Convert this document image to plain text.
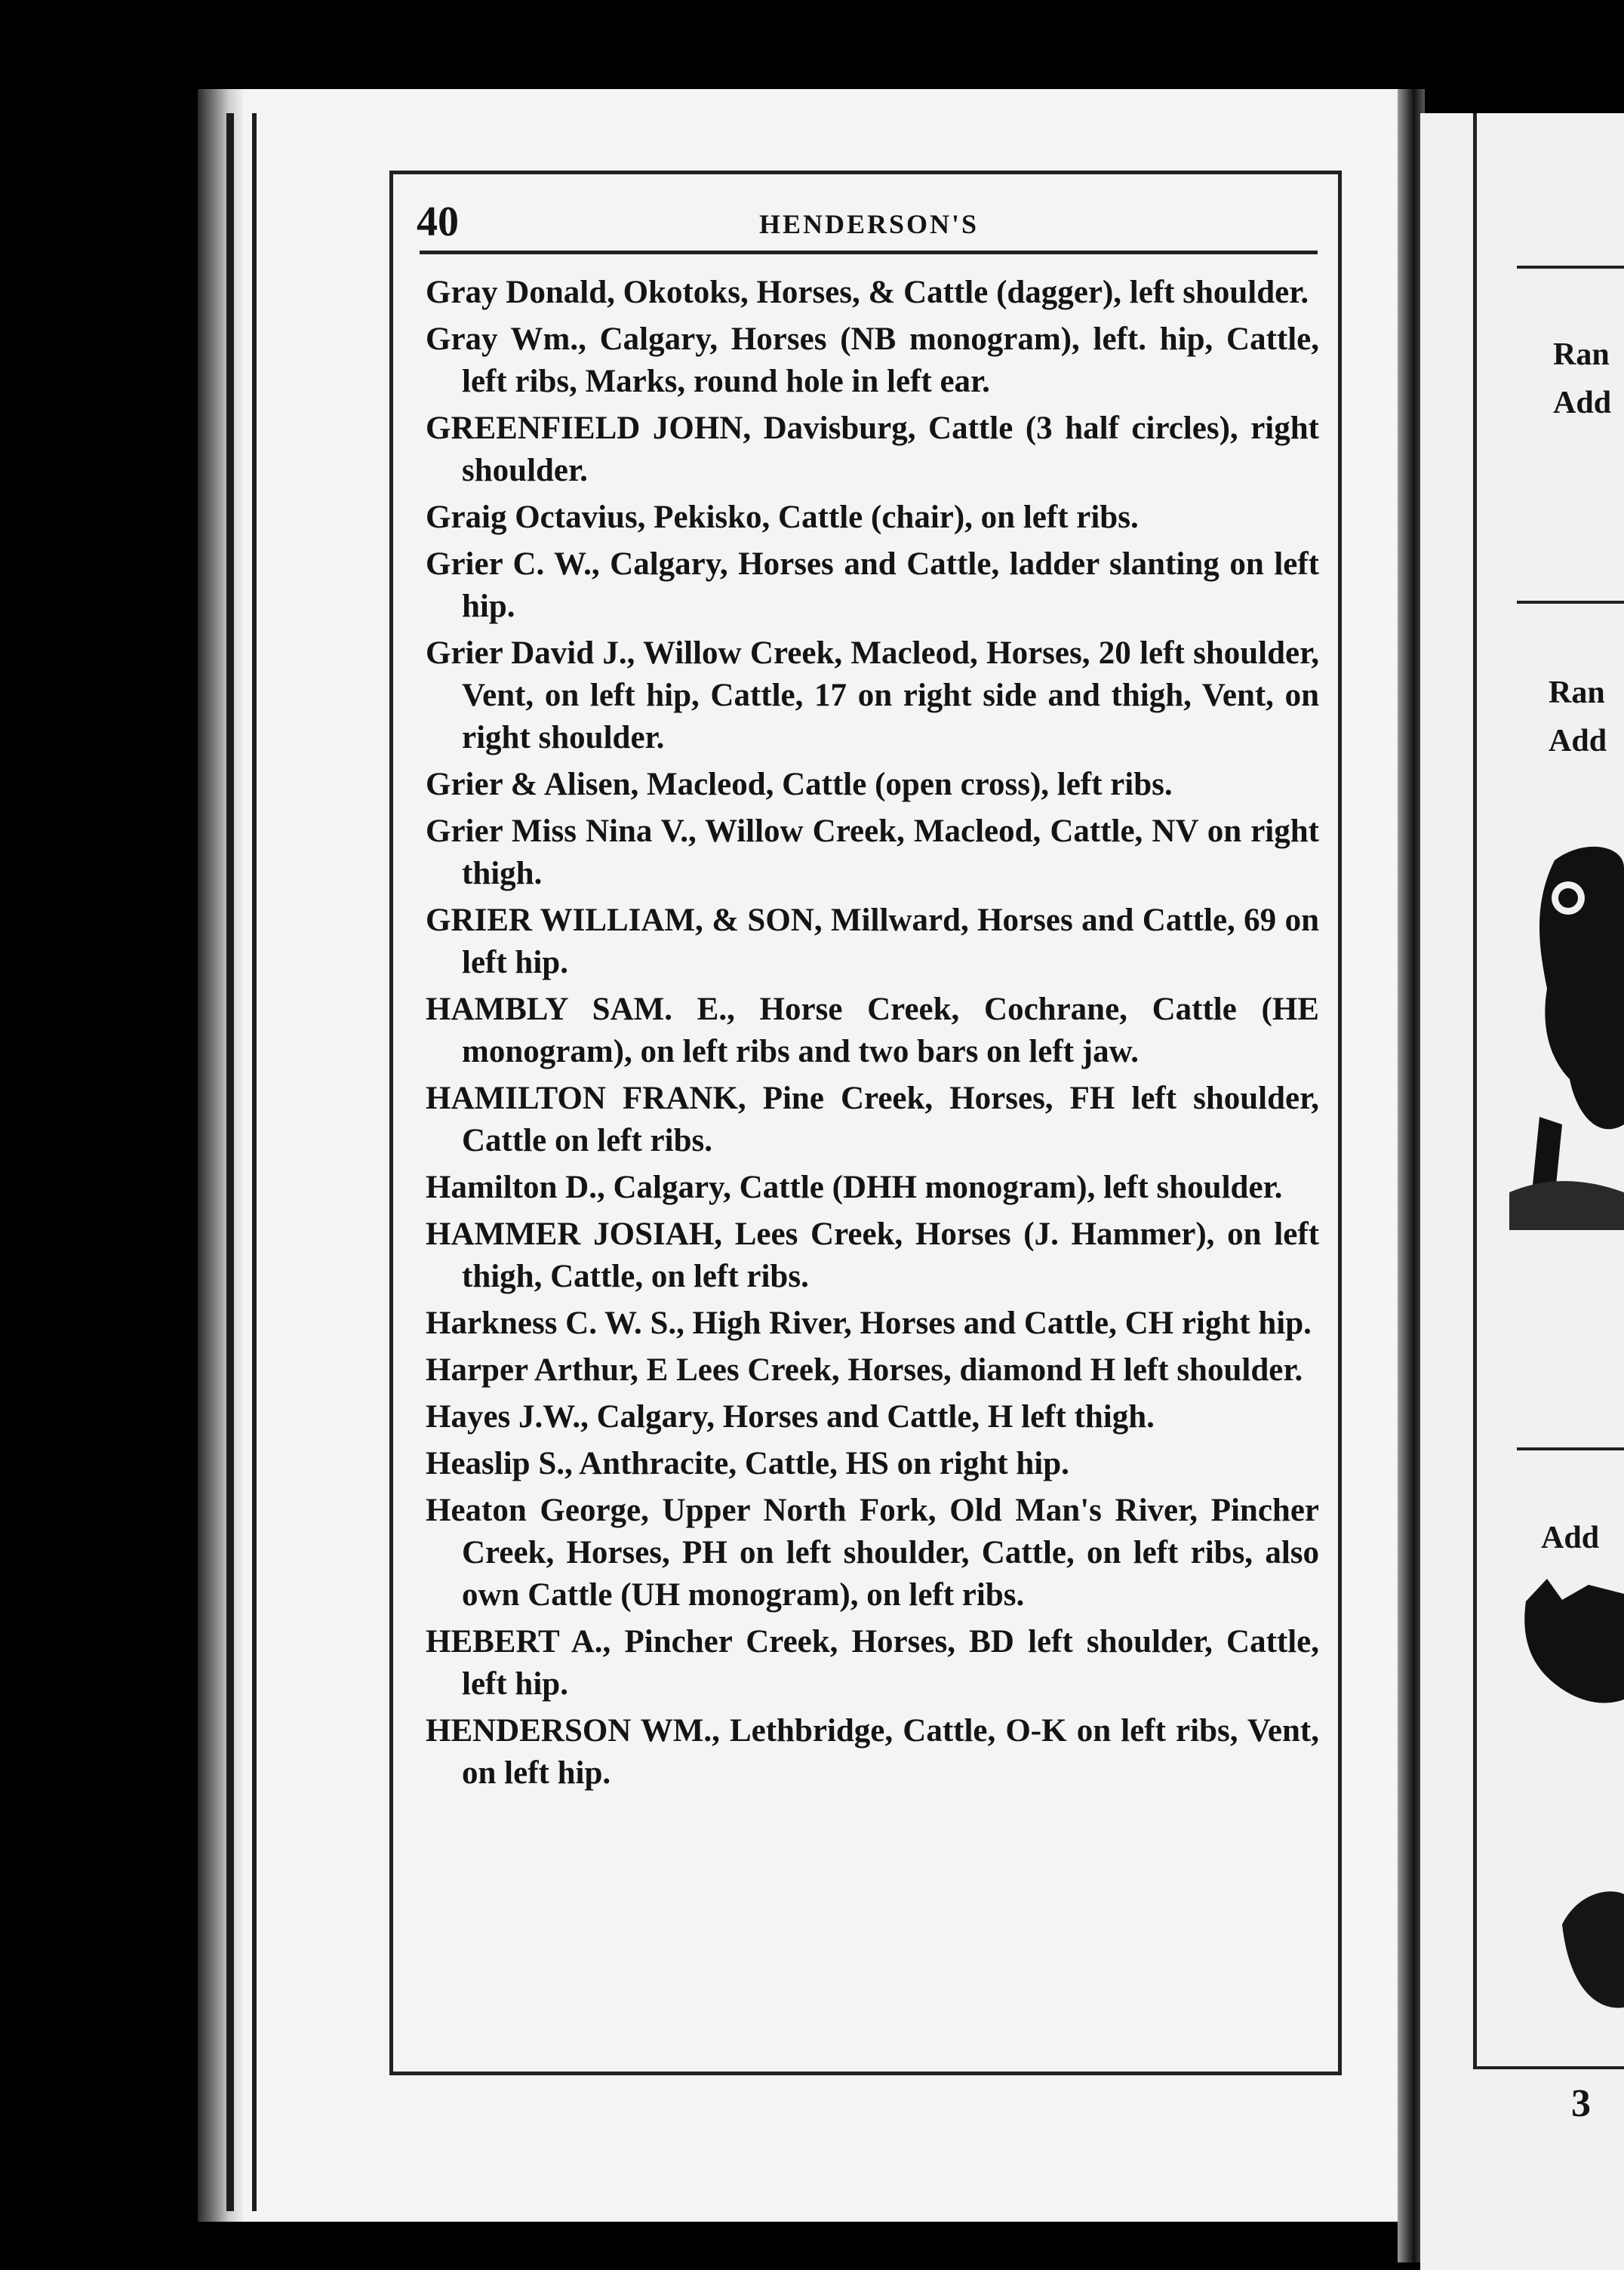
40	HENDERSON'S

Gray Donald, Okotoks, Horses, & Cattle (dagger), left shoulder.

Gray Wm., Calgary, Horses (NB monogram), left. hip, Cattle, left ribs, Marks, round hole in left ear.

GREENFIELD JOHN, Davisburg, Cattle (3 half circles), right shoulder.

Graig Octavius, Pekisko, Cattle (chair), on left ribs.

Grier C. W., Calgary, Horses and Cattle, ladder slanting on left hip.

Grier David J., Willow Creek, Macleod, Horses, 20 left shoulder, Vent, on left hip, Cattle, 17 on right side and thigh, Vent, on right shoulder.

Grier & Alisen, Macleod, Cattle (open cross), left ribs.

Grier Miss Nina V., Willow Creek, Macleod, Cattle, NV on right thigh.

GRIER WILLIAM, & SON, Millward, Horses and Cattle, 69 on left hip.

HAMBLY SAM. E., Horse Creek, Cochrane, Cattle (HE monogram), on left ribs and two bars on left jaw.

HAMILTON FRANK, Pine Creek, Horses, FH left shoulder, Cattle on left ribs.

Hamilton D., Calgary, Cattle (DHH monogram), left shoulder.

HAMMER JOSIAH, Lees Creek, Horses (J. Hammer), on left thigh, Cattle, on left ribs.

Harkness C. W. S., High River, Horses and Cattle, CH right hip.

Harper Arthur, E Lees Creek, Horses, diamond H left shoulder.

Hayes J.W., Calgary, Horses and Cattle, H left thigh.

Heaslip S., Anthracite, Cattle, HS on right hip.

Heaton George, Upper North Fork, Old Man's River, Pincher Creek, Horses, PH on left shoulder, Cattle, on left ribs, also own Cattle (UH monogram), on left ribs.

HEBERT A., Pincher Creek, Horses, BD left shoulder, Cattle, left hip.

HENDERSON WM., Lethbridge, Cattle, O-K on left ribs, Vent, on left hip.

Ran
Add
Ran
Add
Add
3
